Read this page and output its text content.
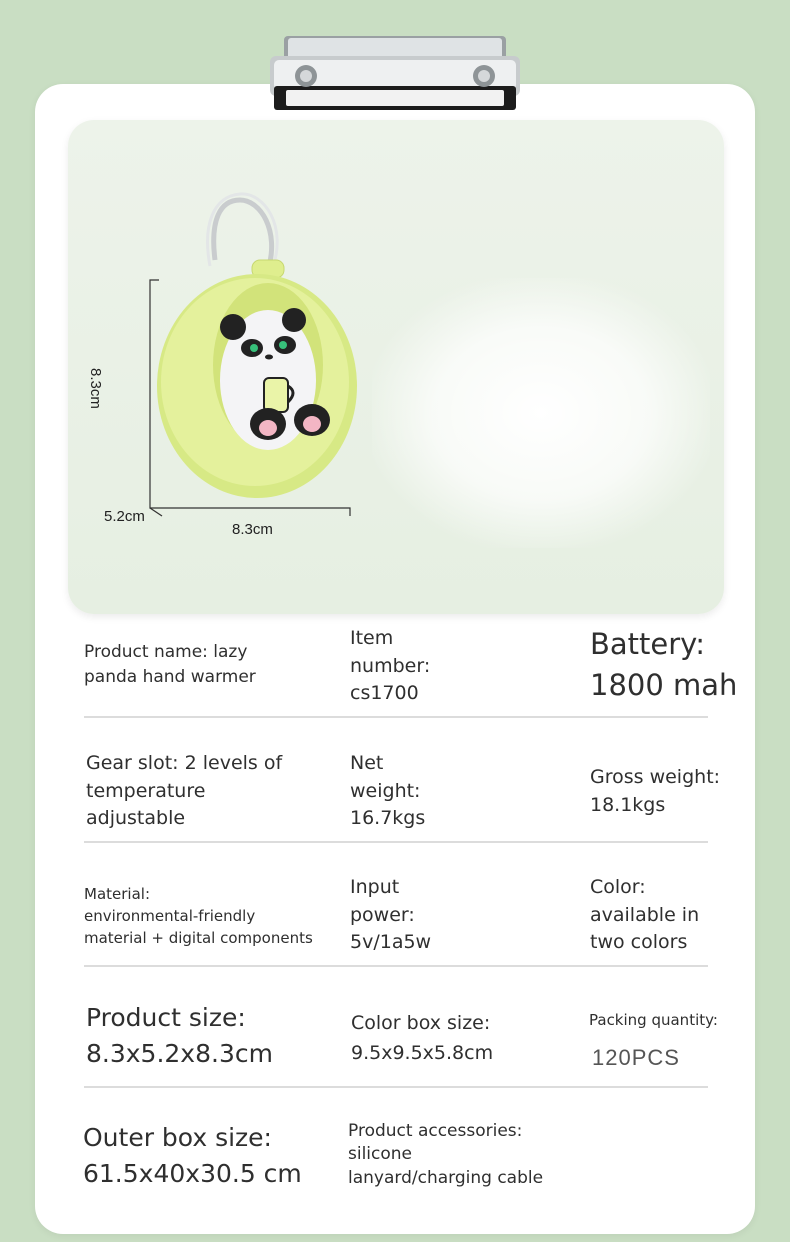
8.3cm
5.2cm
8.3cm
Product name: lazy
panda hand warmer
Item
number:
cs1700
Battery:
1800 mah
Gear slot: 2 levels of
temperature
adjustable
Net
weight:
16.7kgs
Gross weight:
18.1kgs
Material:
environmental-friendly
material + digital components
Input
power:
5v/1a5w
Color:
available in
two colors
Product size:
8.3x5.2x8.3cm
Color box size:
9.5x9.5x5.8cm
Packing quantity:
120PCS
Outer box size:
61.5x40x30.5 cm
Product accessories:
silicone
lanyard/charging cable
